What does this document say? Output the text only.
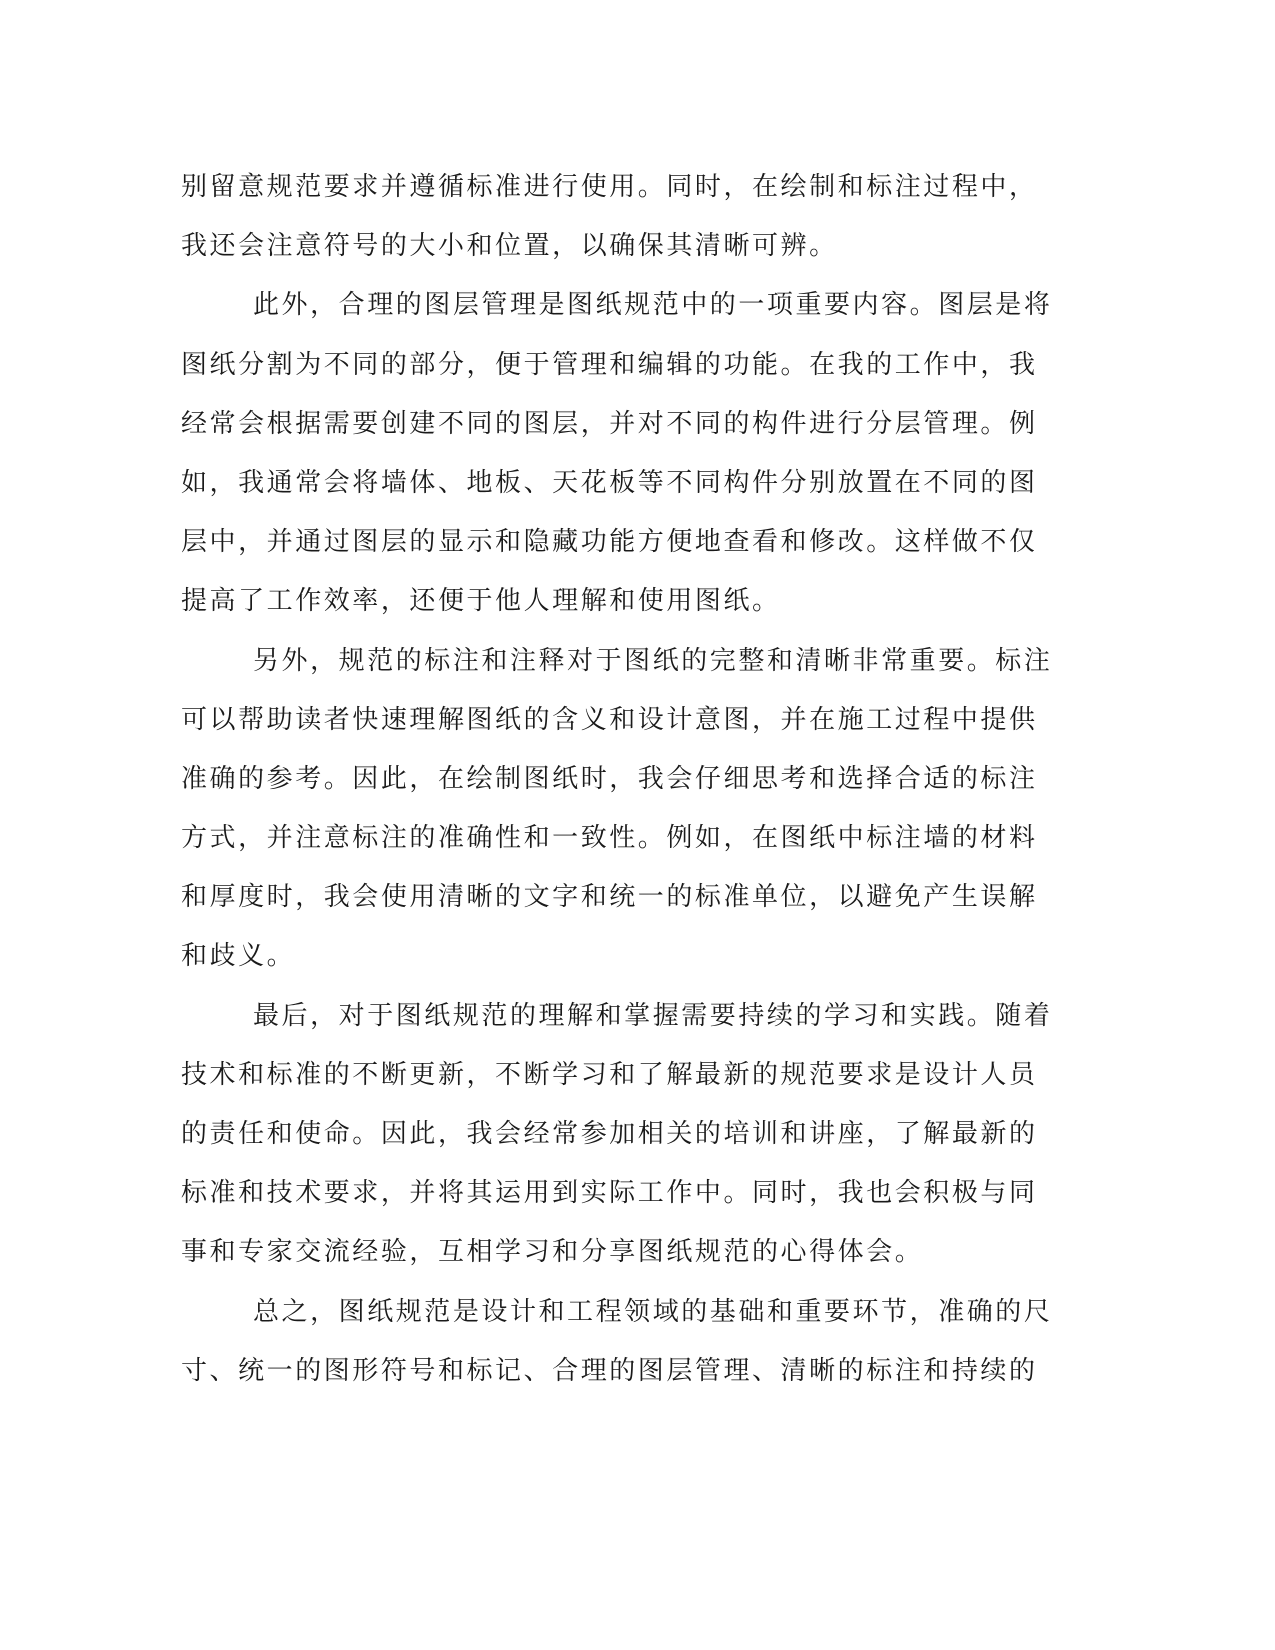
别留意规范要求并遵循标准进行使用。同时，在绘制和标注过程中，
我还会注意符号的大小和位置，以确保其清晰可辨。
此外，合理的图层管理是图纸规范中的一项重要内容。图层是将
图纸分割为不同的部分，便于管理和编辑的功能。在我的工作中，我
经常会根据需要创建不同的图层，并对不同的构件进行分层管理。例
如，我通常会将墙体、地板、天花板等不同构件分别放置在不同的图
层中，并通过图层的显示和隐藏功能方便地查看和修改。这样做不仅
提高了工作效率，还便于他人理解和使用图纸。
另外，规范的标注和注释对于图纸的完整和清晰非常重要。标注
可以帮助读者快速理解图纸的含义和设计意图，并在施工过程中提供
准确的参考。因此，在绘制图纸时，我会仔细思考和选择合适的标注
方式，并注意标注的准确性和一致性。例如，在图纸中标注墙的材料
和厚度时，我会使用清晰的文字和统一的标准单位，以避免产生误解
和歧义。
最后，对于图纸规范的理解和掌握需要持续的学习和实践。随着
技术和标准的不断更新，不断学习和了解最新的规范要求是设计人员
的责任和使命。因此，我会经常参加相关的培训和讲座，了解最新的
标准和技术要求，并将其运用到实际工作中。同时，我也会积极与同
事和专家交流经验，互相学习和分享图纸规范的心得体会。
总之，图纸规范是设计和工程领域的基础和重要环节，准确的尺
寸、统一的图形符号和标记、合理的图层管理、清晰的标注和持续的
